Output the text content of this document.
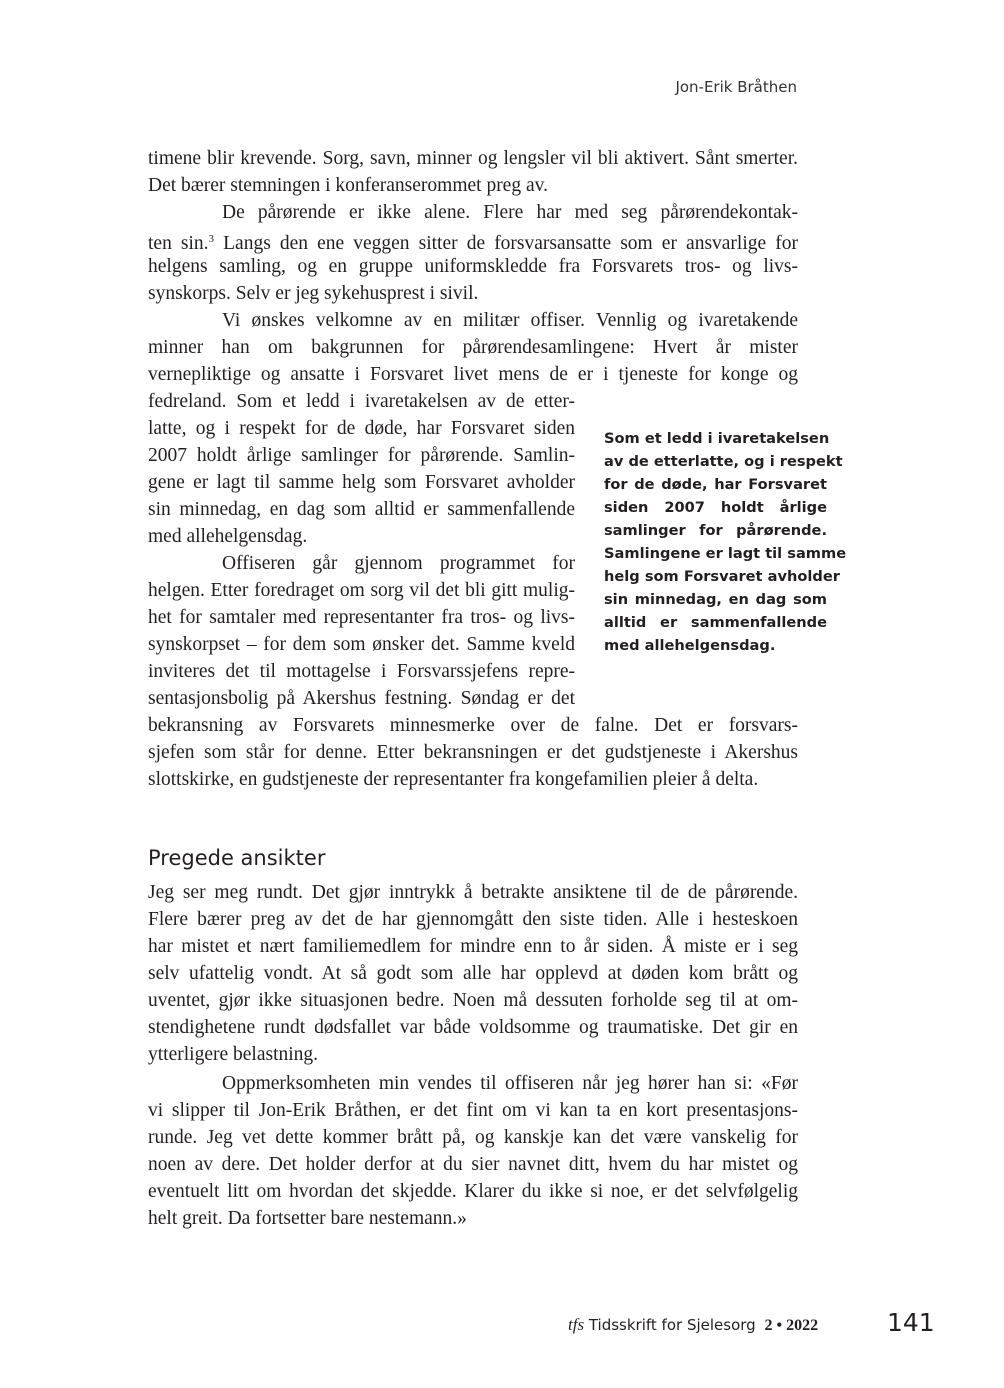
Jon-Erik Bråthen
timene blir krevende. Sorg, savn, minner og lengsler vil bli aktivert. Sånt smerter.
Det bærer stemningen i konferanserommet preg av.
De pårørende er ikke alene. Flere har med seg pårørendekontak-
ten sin.$^3$ Langs den ene veggen sitter de forsvarsansatte som er ansvarlige for
helgens samling, og en gruppe uniformskledde fra Forsvarets tros- og livs-
synskorps. Selv er jeg sykehusprest i sivil.
Vi ønskes velkomne av en militær offiser. Vennlig og ivaretakende
minner han om bakgrunnen for pårørendesamlingene: Hvert år mister
vernepliktige og ansatte i Forsvaret livet mens de er i tjeneste for konge og
fedreland. Som et ledd i ivaretakelsen av de etter-
latte, og i respekt for de døde, har Forsvaret siden
2007 holdt årlige samlinger for pårørende. Samlin-
gene er lagt til samme helg som Forsvaret avholder
sin minnedag, en dag som alltid er sammenfallende
med allehelgensdag.
Offiseren går gjennom programmet for
helgen. Etter foredraget om sorg vil det bli gitt mulig-
het for samtaler med representanter fra tros- og livs-
synskorpset – for dem som ønsker det. Samme kveld
inviteres det til mottagelse i Forsvarssjefens repre-
sentasjonsbolig på Akershus festning. Søndag er det
bekransning av Forsvarets minnesmerke over de falne. Det er forsvars-
sjefen som står for denne. Etter bekransningen er det gudstjeneste i Akershus
slottskirke, en gudstjeneste der representanter fra kongefamilien pleier å delta.
Pregede ansikter
Jeg ser meg rundt. Det gjør inntrykk å betrakte ansiktene til de de pårørende.
Flere bærer preg av det de har gjennomgått den siste tiden. Alle i hesteskoen
har mistet et nært familiemedlem for mindre enn to år siden. Å miste er i seg
selv ufattelig vondt. At så godt som alle har opplevd at døden kom brått og
uventet, gjør ikke situasjonen bedre. Noen må dessuten forholde seg til at om-
stendighetene rundt dødsfallet var både voldsomme og traumatiske. Det gir en
ytterligere belastning.
Oppmerksomheten min vendes til offiseren når jeg hører han si: «Før
vi slipper til Jon-Erik Bråthen, er det fint om vi kan ta en kort presentasjons-
runde. Jeg vet dette kommer brått på, og kanskje kan det være vanskelig for
noen av dere. Det holder derfor at du sier navnet ditt, hvem du har mistet og
eventuelt litt om hvordan det skjedde. Klarer du ikke si noe, er det selvfølgelig
helt greit. Da fortsetter bare nestemann.»
Som et ledd i ivaretakelsen
av de etterlatte, og i respekt
for de døde, har Forsvaret
siden 2007 holdt årlige
samlinger for pårørende.
Samlingene er lagt til samme
helg som Forsvaret avholder
sin minnedag, en dag som
alltid er sammenfallende
med allehelgensdag.
tfs Tidsskrift for Sjelesorg 2 • 2022	141
